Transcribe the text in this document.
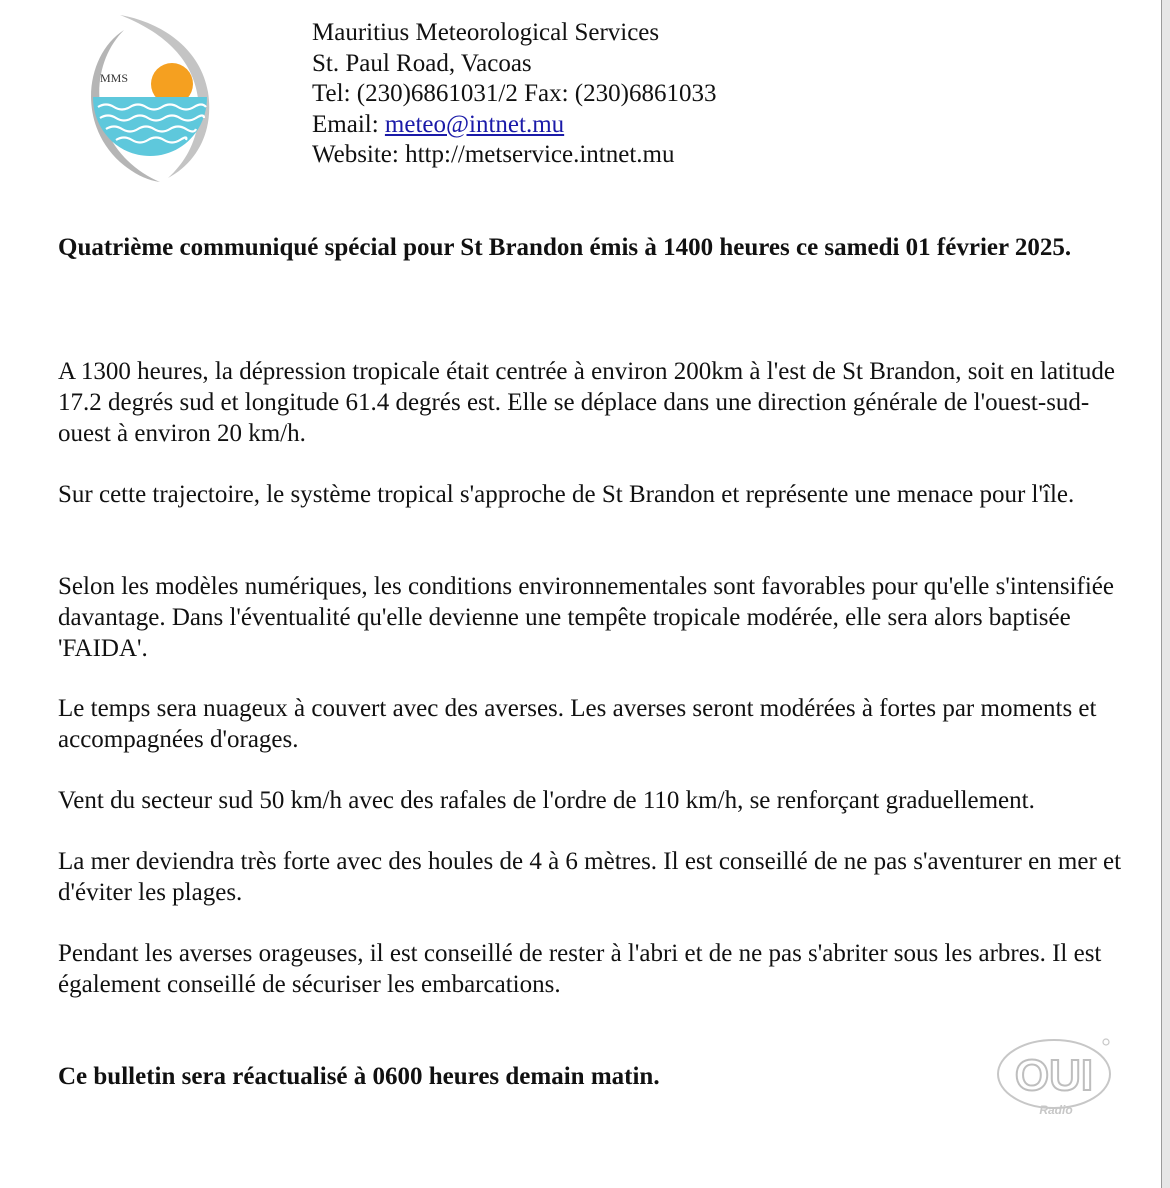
MMS
Mauritius Meteorological Services
St. Paul Road, Vacoas
Tel: (230)6861031/2 Fax: (230)6861033
Email: meteo@intnet.mu
Website: http://metservice.intnet.mu

Quatrième communiqué spécial pour St Brandon émis à 1400 heures ce samedi 01 février 2025.

A 1300 heures, la dépression tropicale était centrée à environ 200km à l'est de St Brandon, soit en latitude 17.2 degrés sud et longitude 61.4 degrés est. Elle se déplace dans une direction générale de l'ouest-sud-ouest à environ 20 km/h.

Sur cette trajectoire, le système tropical s'approche de St Brandon et représente une menace pour l'île.

Selon les modèles numériques, les conditions environnementales sont favorables pour qu'elle s'intensifiée davantage. Dans l'éventualité qu'elle devienne une tempête tropicale modérée, elle sera alors baptisée 'FAIDA'.

Le temps sera nuageux à couvert avec des averses. Les averses seront modérées à fortes par moments et accompagnées d'orages.

Vent du secteur sud 50 km/h avec des rafales de l'ordre de 110 km/h, se renforçant graduellement.

La mer deviendra très forte avec des houles de 4 à 6 mètres. Il est conseillé de ne pas s'aventurer en mer et d'éviter les plages.

Pendant les averses orageuses, il est conseillé de rester à l'abri et de ne pas s'abriter sous les arbres. Il est également conseillé de sécuriser les embarcations.

Ce bulletin sera réactualisé à 0600 heures demain matin.	OUI
Radio
